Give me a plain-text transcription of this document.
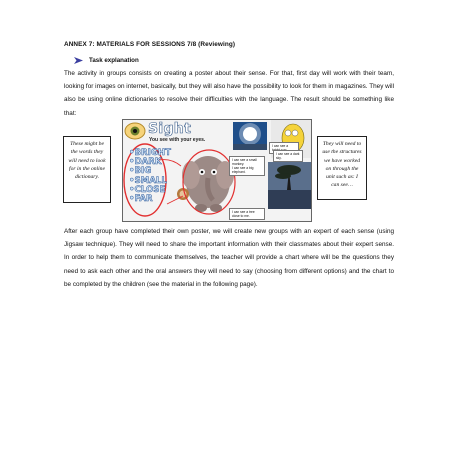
ANNEX 7: MATERIALS FOR SESSIONS 7/8 (Reviewing)
Task explanation
The activity in groups consists on creating a poster about their sense. For that, first day will work with their team, looking for images on internet, basically, but they will also have the possibility to look for them in magazines. They will also be using online dictionaries to resolve their difficulties with the language. The result should be something like that:
These might be the words they will need to look for in the online dictionary.
Sight
You see with your eyes.
•BRIGHT
•DARK
•BIG
•SMALL
•CLOSE
•FAR
I can see a
I can see a dark sky.
I can see a small monkey.
I can see a big elephant.
I can see a tree close to me.
They will need to use the structures we have worked on through the unit such as: I can see…
After each group have completed their own poster, we will create new groups with an expert of each sense (using Jigsaw technique). They will need to share the important information with their classmates about their expert sense. In order to help them to communicate themselves, the teacher will provide a chart where will be the questions they need to ask each other and the oral answers they will need to say (choosing from different options) and the chart to be completed by the children (see the material in the following page).
